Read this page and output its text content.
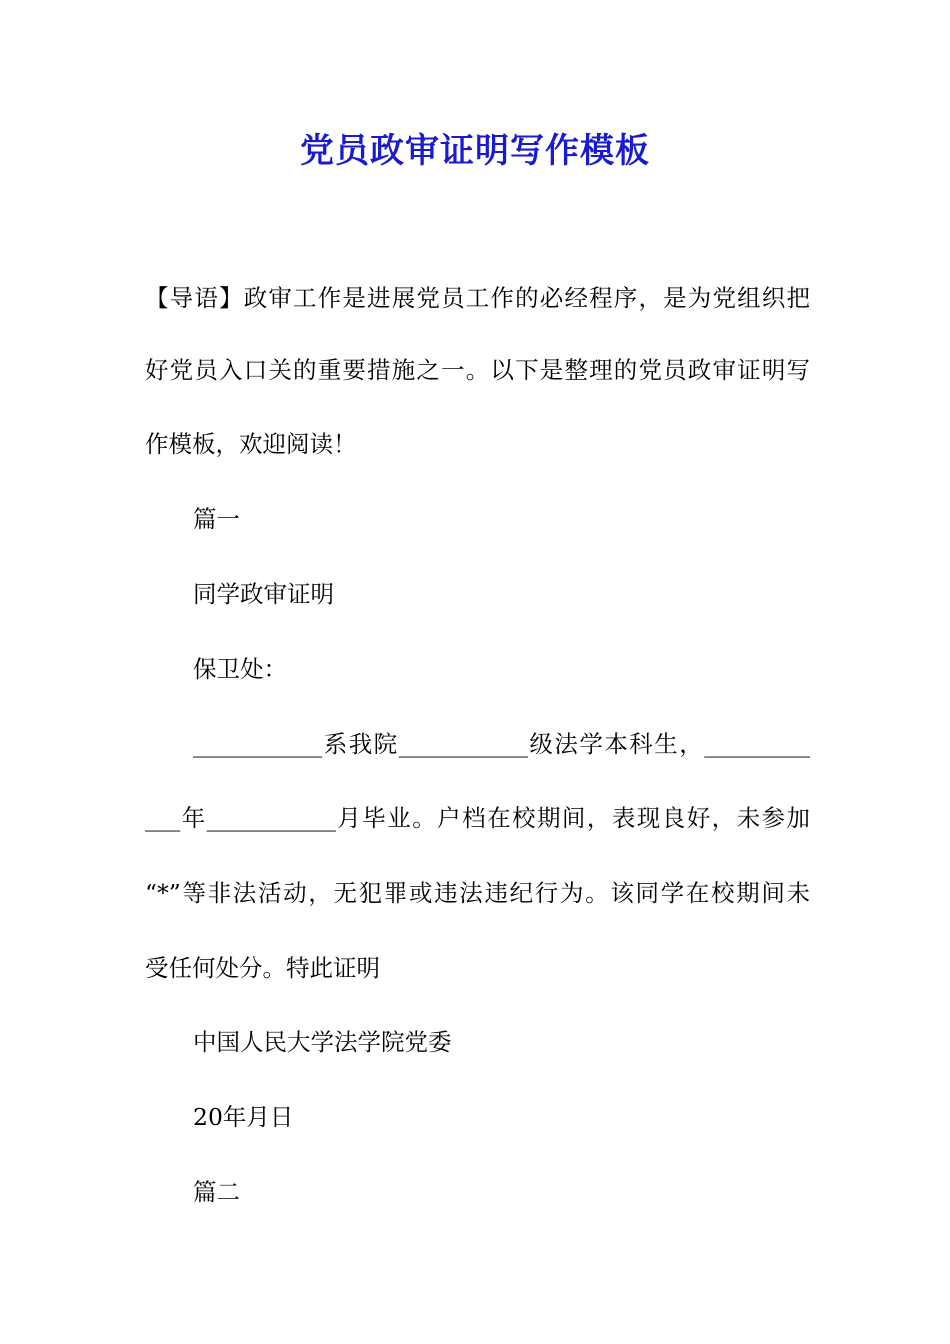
党员政审证明写作模板
【导语】政审工作是进展党员工作的必经程序，是为党组织把
好党员入口关的重要措施之一。以下是整理的党员政审证明写
作模板，欢迎阅读！
篇一
同学政审证明
保卫处：
___________系我院___________级法学本科生，_________
___年___________月毕业。户档在校期间，表现良好，未参加
“*”等非法活动，无犯罪或违法违纪行为。该同学在校期间未
受任何处分。特此证明
中国人民大学法学院党委
20年月日
篇二
